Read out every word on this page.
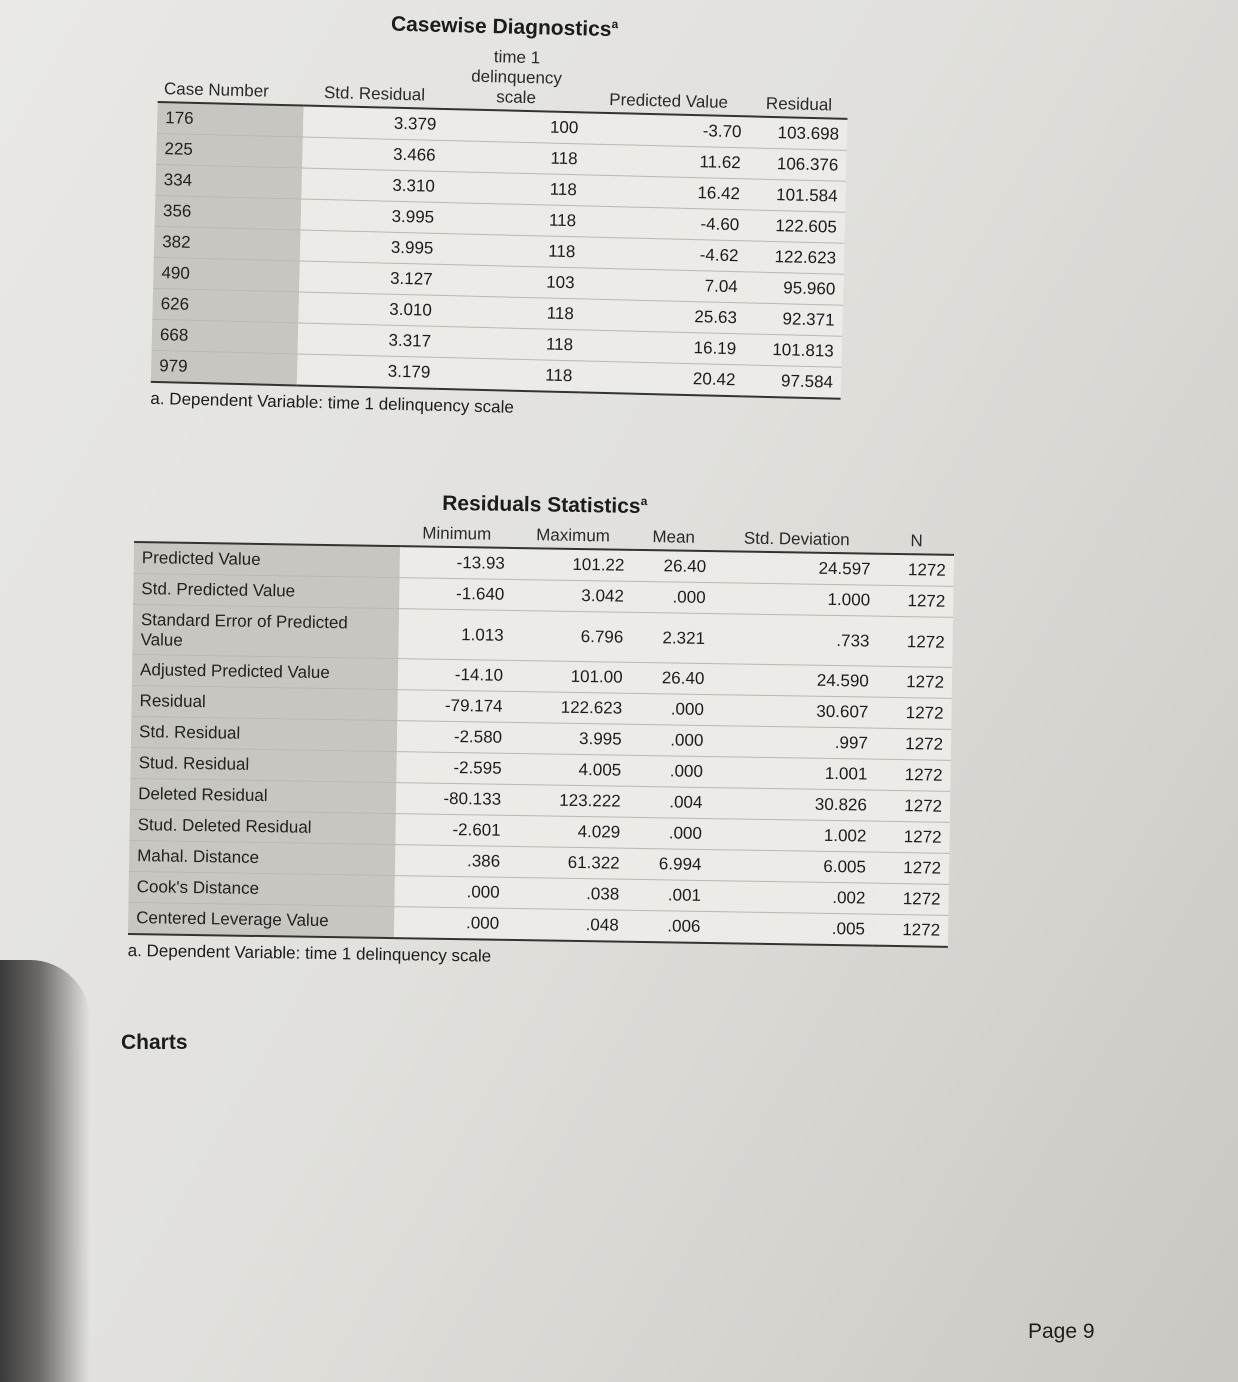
Casewise Diagnostics$^a$
Case Number	Std. Residual	time 1 delinquency scale	Predicted Value	Residual
176	3.379	100	-3.70	103.698
225	3.466	118	11.62	106.376
334	3.310	118	16.42	101.584
356	3.995	118	-4.60	122.605
382	3.995	118	-4.62	122.623
490	3.127	103	7.04	95.960
626	3.010	118	25.63	92.371
668	3.317	118	16.19	101.813
979	3.179	118	20.42	97.584
a. Dependent Variable: time 1 delinquency scale
Residuals Statistics$^a$
	Minimum	Maximum	Mean	Std. Deviation	N
Predicted Value	-13.93	101.22	26.40	24.597	1272
Std. Predicted Value	-1.640	3.042	.000	1.000	1272
Standard Error of Predicted Value	1.013	6.796	2.321	.733	1272
Adjusted Predicted Value	-14.10	101.00	26.40	24.590	1272
Residual	-79.174	122.623	.000	30.607	1272
Std. Residual	-2.580	3.995	.000	.997	1272
Stud. Residual	-2.595	4.005	.000	1.001	1272
Deleted Residual	-80.133	123.222	.004	30.826	1272
Stud. Deleted Residual	-2.601	4.029	.000	1.002	1272
Mahal. Distance	.386	61.322	6.994	6.005	1272
Cook's Distance	.000	.038	.001	.002	1272
Centered Leverage Value	.000	.048	.006	.005	1272
a. Dependent Variable: time 1 delinquency scale
Charts
Page 9
